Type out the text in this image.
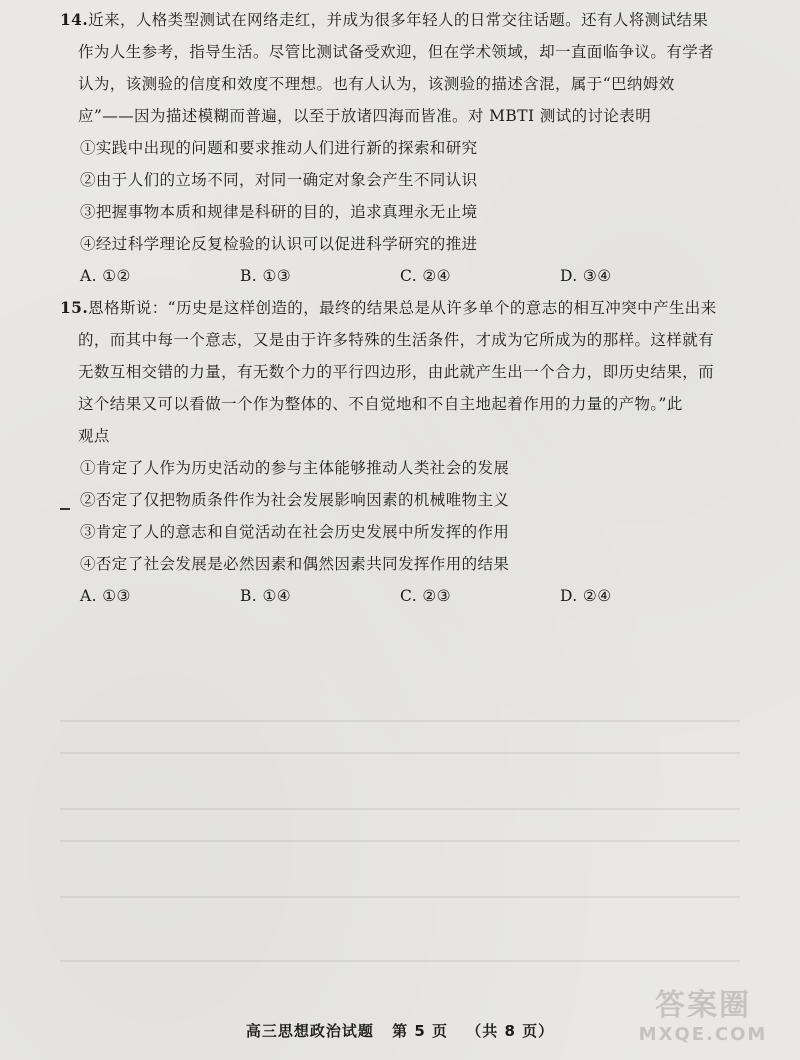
14.近来，人格类型测试在网络走红，并成为很多年轻人的日常交往话题。还有人将测试结果
作为人生参考，指导生活。尽管比测试备受欢迎，但在学术领域，却一直面临争议。有学者
认为，该测验的信度和效度不理想。也有人认为，该测验的描述含混，属于“巴纳姆效
应”——因为描述模糊而普遍，以至于放诸四海而皆准。对 MBTI 测试的讨论表明
①实践中出现的问题和要求推动人们进行新的探索和研究
②由于人们的立场不同，对同一确定对象会产生不同认识
③把握事物本质和规律是科研的目的，追求真理永无止境
④经过科学理论反复检验的认识可以促进科学研究的推进
A. ①②	B. ①③	C. ②④	D. ③④
15.恩格斯说：“历史是这样创造的，最终的结果总是从许多单个的意志的相互冲突中产生出来
的，而其中每一个意志，又是由于许多特殊的生活条件，才成为它所成为的那样。这样就有
无数互相交错的力量，有无数个力的平行四边形，由此就产生出一个合力，即历史结果，而
这个结果又可以看做一个作为整体的、不自觉地和不自主地起着作用的力量的产物。”此
观点
①肯定了人作为历史活动的参与主体能够推动人类社会的发展
②否定了仅把物质条件作为社会发展影响因素的机械唯物主义
③肯定了人的意志和自觉活动在社会历史发展中所发挥的作用
④否定了社会发展是必然因素和偶然因素共同发挥作用的结果
A. ①③	B. ①④	C. ②③	D. ②④
高三思想政治试题 第 5 页 （共 8 页）
答案圈
MXQE.COM
